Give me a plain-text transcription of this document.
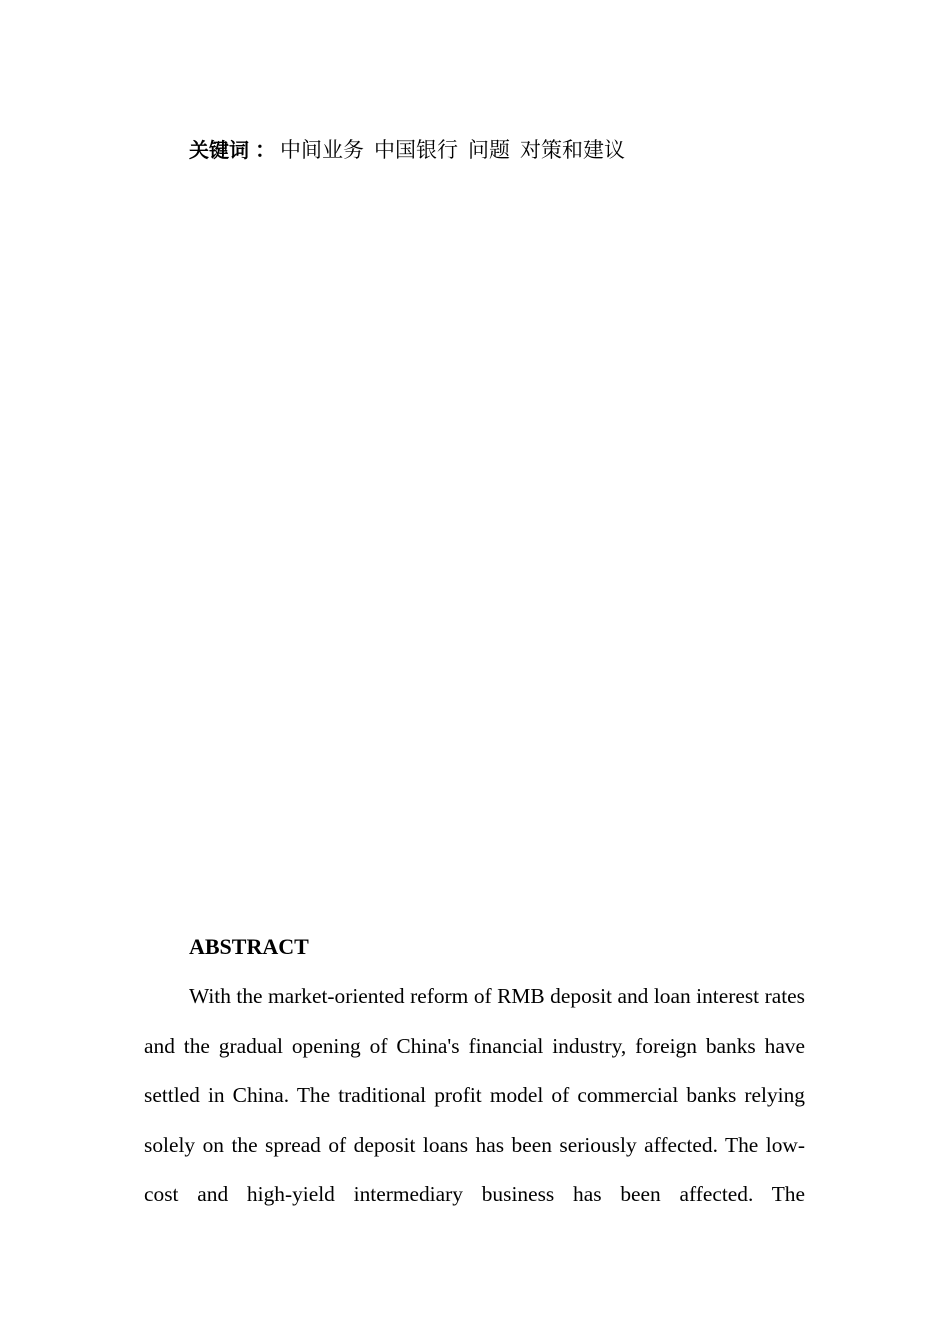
关键词 ： 中间业务 中国银行 问题 对策和建议
ABSTRACT

With the market-oriented reform of RMB deposit and loan interest rates and the gradual opening of China's financial industry, foreign banks have settled in China. The traditional profit model of commercial banks relying solely on the spread of deposit loans has been seriously affected. The low-cost and high-yield intermediary business has been affected. The
